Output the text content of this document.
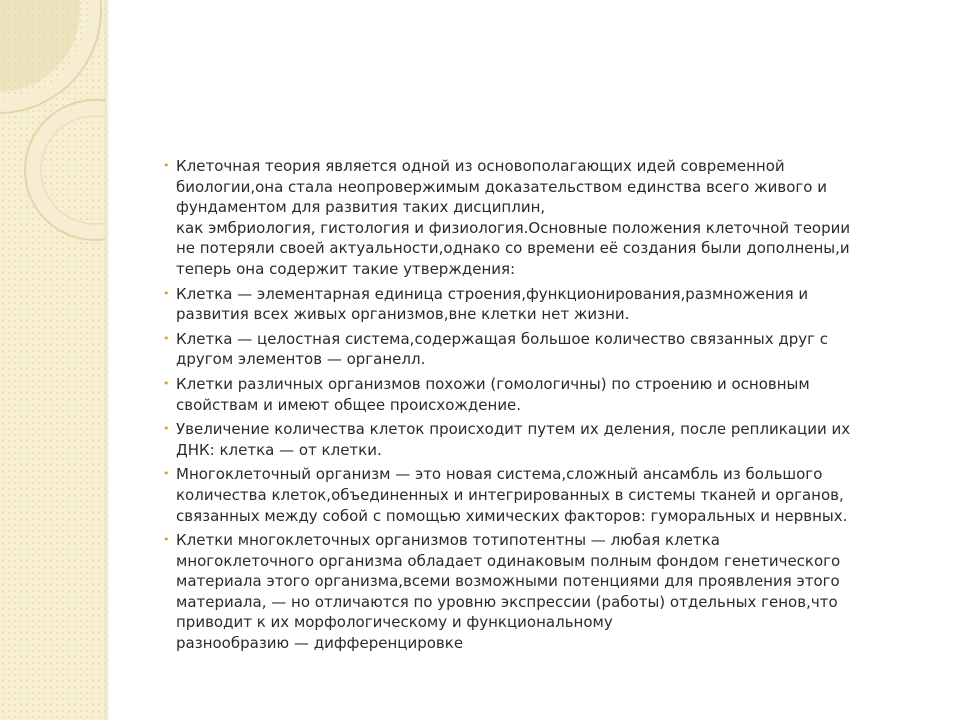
• Клеточная теория является одной из основополагающих идей современной
биологии,она стала неопровержимым доказательством единства всего живого и
фундаментом для развития таких дисциплин,
как эмбриология, гистология и физиология.Основные положения клеточной теории
не потеряли своей актуальности,однако со времени её создания были дополнены,и
теперь она содержит такие утверждения:
• Клетка — элементарная единица строения,функционирования,размножения и
развития всех живых организмов,вне клетки нет жизни.
• Клетка — целостная система,содержащая большое количество связанных друг с
другом элементов — органелл.
• Клетки различных организмов похожи (гомологичны) по строению и основным
свойствам и имеют общее происхождение.
• Увеличение количества клеток происходит путем их деления, после репликации их
ДНК: клетка — от клетки.
• Многоклеточный организм — это новая система,сложный ансамбль из большого
количества клеток,объединенных и интегрированных в системы тканей и органов,
связанных между собой с помощью химических факторов: гуморальных и нервных.
• Клетки многоклеточных организмов тотипотентны — любая клетка
многоклеточного организма обладает одинаковым полным фондом генетического
материала этого организма,всеми возможными потенциями для проявления этого
материала, — но отличаются по уровню экспрессии (работы) отдельных генов,что
приводит к их морфологическому и функциональному
разнообразию — дифференцировке
